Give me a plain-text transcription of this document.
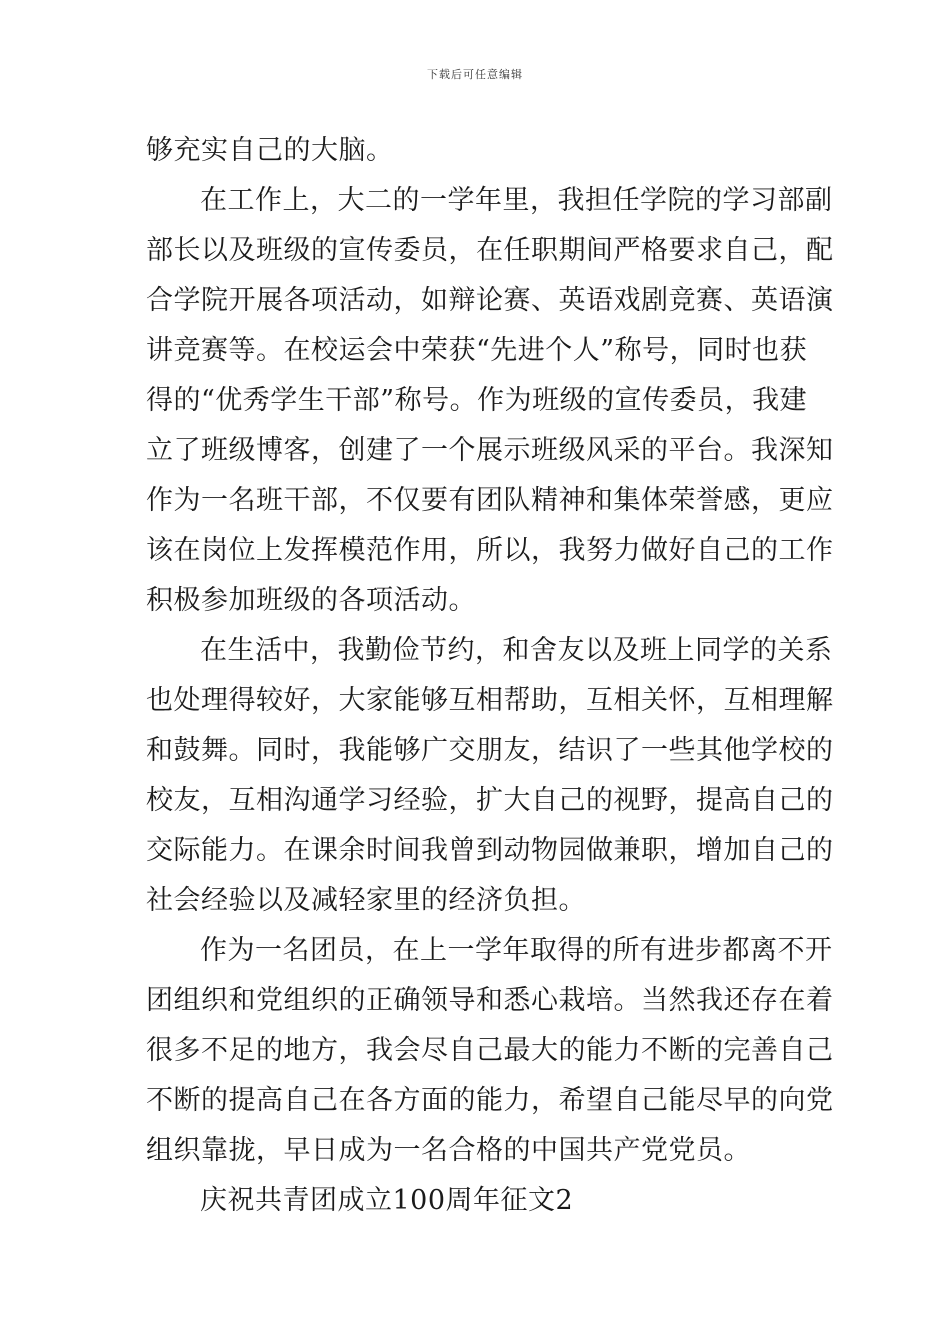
下载后可任意编辑
够充实自己的大脑。
在工作上，大二的一学年里，我担任学院的学习部副
部长以及班级的宣传委员，在任职期间严格要求自己，配
合学院开展各项活动，如辩论赛、英语戏剧竞赛、英语演
讲竞赛等。在校运会中荣获“先进个人”称号，同时也获
得的“优秀学生干部”称号。作为班级的宣传委员，我建
立了班级博客，创建了一个展示班级风采的平台。我深知
作为一名班干部，不仅要有团队精神和集体荣誉感，更应
该在岗位上发挥模范作用，所以，我努力做好自己的工作
积极参加班级的各项活动。
在生活中，我勤俭节约，和舍友以及班上同学的关系
也处理得较好，大家能够互相帮助，互相关怀，互相理解
和鼓舞。同时，我能够广交朋友，结识了一些其他学校的
校友，互相沟通学习经验，扩大自己的视野，提高自己的
交际能力。在课余时间我曾到动物园做兼职，增加自己的
社会经验以及减轻家里的经济负担。
作为一名团员，在上一学年取得的所有进步都离不开
团组织和党组织的正确领导和悉心栽培。当然我还存在着
很多不足的地方，我会尽自己最大的能力不断的完善自己
不断的提高自己在各方面的能力，希望自己能尽早的向党
组织靠拢，早日成为一名合格的中国共产党党员。
庆祝共青团成立100周年征文2
